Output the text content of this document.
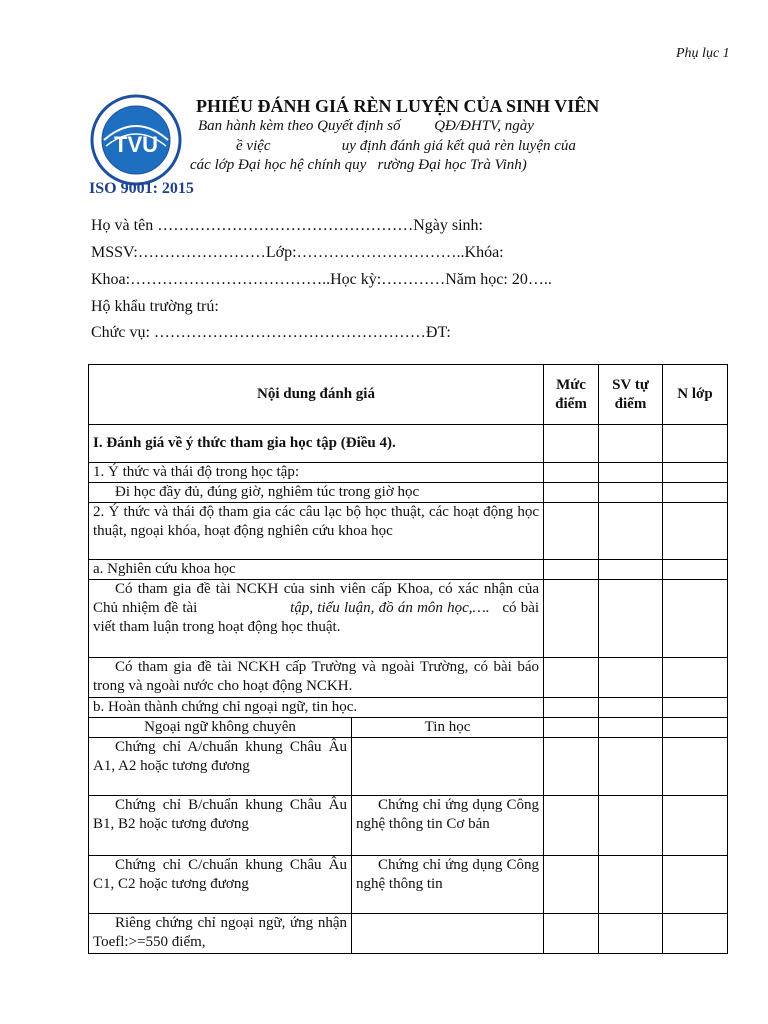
Phụ lục 1
TVU
ISO 9001: 2015
PHIẾU ĐÁNH GIÁ RÈN LUYỆN CỦA SINH VIÊN
Ban hành kèm theo Quyết định số         QĐ/ĐHTV, ngày
ề việc                   uy định đánh giá kết quả rèn luyện của
các lớp Đại học hệ chính quy   rường Đại học Trà Vinh)
Họ và tên …………………………………………Ngày sinh:
MSSV:……………………Lớp:…………………………..Khóa:
Khoa:………………………………..Học kỳ:…………Năm học: 20…..
Hộ khẩu trường trú:
Chức vụ: ……………………………………………ĐT:
Nội dung đánh giá		Mức điểm	SV tự điểm	N lớp
I. Đánh giá về ý thức tham gia học tập (Điều 4).				
1. Ý thức và thái độ trong học tập:				
Đi học đầy đủ, đúng giờ, nghiêm túc trong giờ học				
2. Ý thức và thái độ tham gia các câu lạc bộ học thuật, các hoạt động học thuật, ngoại khóa, hoạt động nghiên cứu khoa học				
a. Nghiên cứu khoa học				
Có tham gia đề tài NCKH của sinh viên cấp Khoa, có xác nhận của Chủ nhiệm đề tài tập, tiểu luận, đồ án môn học,…. có bài viết tham luận trong hoạt động học thuật.				
Có tham gia đề tài NCKH cấp Trường và ngoài Trường, có bài báo trong và ngoài nước cho hoạt động NCKH.				
b. Hoàn thành chứng chỉ ngoại ngữ, tin học.				
Ngoại ngữ không chuyên	Tin học			
Chứng chỉ A/chuẩn khung Châu Âu A1, A2 hoặc tương đương				
Chứng chỉ B/chuẩn khung Châu Âu B1, B2 hoặc tương đương	Chứng chỉ ứng dụng Công nghệ thông tin Cơ bản			
Chứng chỉ C/chuẩn khung Châu Âu C1, C2 hoặc tương đương	Chứng chỉ ứng dụng Công nghệ thông tin			
Riêng chứng chỉ ngoại ngữ, ứng nhận Toefl:>=550 điểm,				
